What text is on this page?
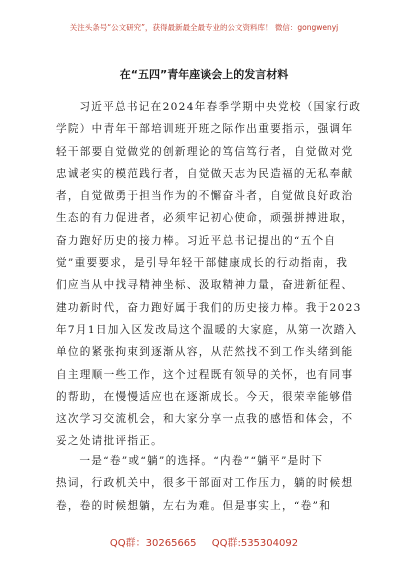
关注头条号“公文研究”，获得最新最全最专业的公文资料库！ 微信：gongwenyj
在“五四”青年座谈会上的发言材料
习近平总书记在2024年春季学期中央党校（国家行政
学院）中青年干部培训班开班之际作出重要指示，强调年
轻干部要自觉做党的创新理论的笃信笃行者，自觉做对党
忠诚老实的模范践行者，自觉做天志为民造福的无私奉献
者，自觉做勇于担当作为的不懈奋斗者，自觉做良好政治
生态的有力促进者，必须牢记初心使命，顽强拼搏进取，
奋力跑好历史的接力棒。习近平总书记提出的“五个自
觉”重要要求，是引导年轻干部健康成长的行动指南，我
们应当从中找寻精神坐标、汲取精神力量，奋进新征程、
建功新时代，奋力跑好属于我们的历史接力棒。我于2023
年7月1日加入区发改局这个温暖的大家庭，从第一次踏入
单位的紧张拘束到逐渐从容，从茫然找不到工作头绪到能
自主理顺一些工作，这个过程既有领导的关怀，也有同事
的帮助，在慢慢适应也在逐渐成长。今天，很荣幸能够借
这次学习交流机会，和大家分享一点我的感悟和体会，不
妥之处请批评指正。
一是“卷”或“躺”的选择。“内卷”“躺平”是时下
热词，行政机关中，很多干部面对工作压力，躺的时候想
卷，卷的时候想躺，左右为难。但是事实上，“卷”和
QQ群：30265665 QQ群:535304092
